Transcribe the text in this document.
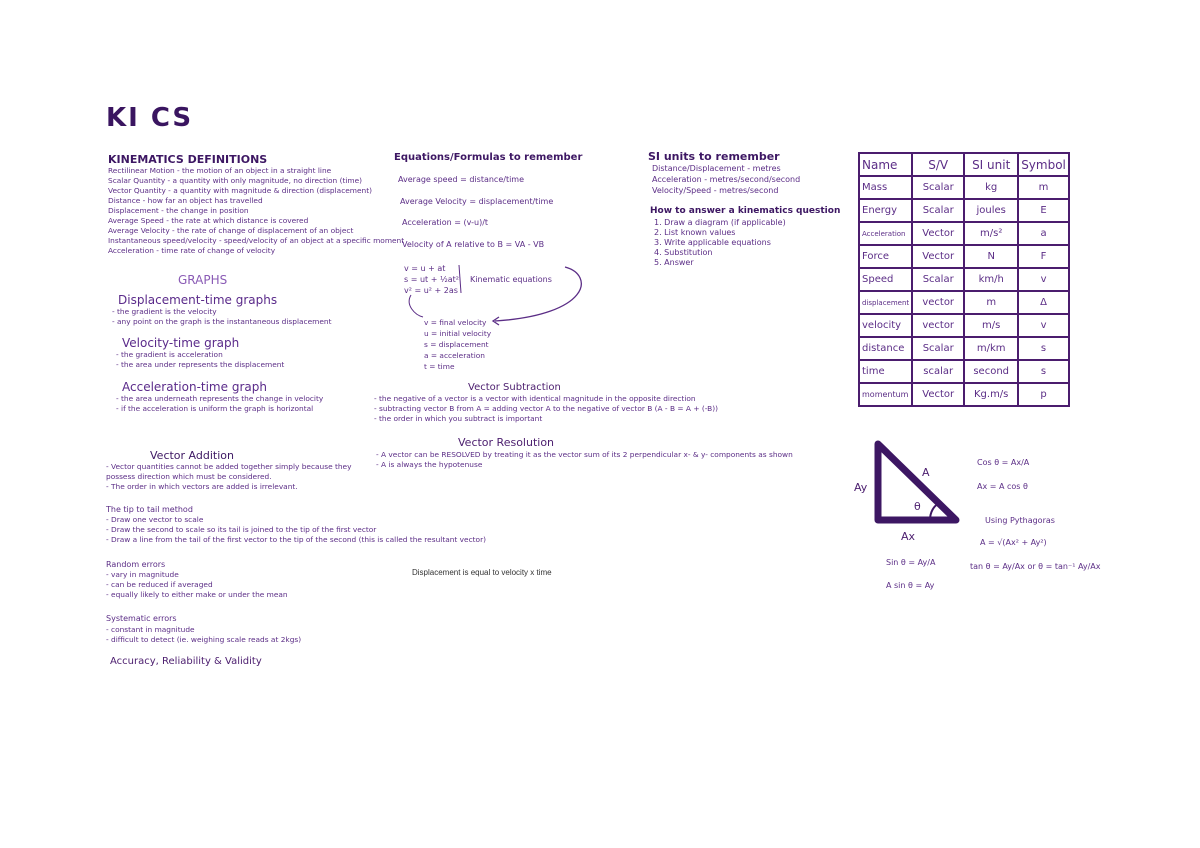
KI CS
KINEMATICS DEFINITIONS
Rectilinear Motion - the motion of an object in a straight line
Scalar Quantity - a quantity with only magnitude, no direction (time)
Vector Quantity - a quantity with magnitude & direction (displacement)
Distance - how far an object has travelled
Displacement - the change in position
Average Speed - the rate at which distance is covered
Average Velocity - the rate of change of displacement of an object
Instantaneous speed/velocity - speed/velocity of an object at a specific moment
Acceleration - time rate of change of velocity
GRAPHS
Displacement-time graphs
- the gradient is the velocity
- any point on the graph is the instantaneous displacement
Velocity-time graph
- the gradient is acceleration
- the area under represents the displacement
Acceleration-time graph
- the area underneath represents the change in velocity
- if the acceleration is uniform the graph is horizontal
Vector Addition
- Vector quantities cannot be added together simply because they
possess direction which must be considered.
- The order in which vectors are added is irrelevant.
The tip to tail method
- Draw one vector to scale
- Draw the second to scale so its tail is joined to the tip of the first vector
- Draw a line from the tail of the first vector to the tip of the second (this is called the resultant vector)
Random errors
- vary in magnitude
- can be reduced if averaged
- equally likely to either make or under the mean
Systematic errors
- constant in magnitude
- difficult to detect (ie. weighing scale reads at 2kgs)
Accuracy, Reliability & Validity
Equations/Formulas to remember
Average speed = distance/time
Average Velocity = displacement/time
Acceleration = (v-u)/t
Velocity of A relative to B = VA - VB
v = u + at
s = ut + ½at²
v² = u² + 2as
Kinematic equations
v = final velocity
u = initial velocity
s = displacement
a = acceleration
t = time
Vector Subtraction
- the negative of a vector is a vector with identical magnitude in the opposite direction
- subtracting vector B from A = adding vector A to the negative of vector B (A - B = A + (-B))
- the order in which you subtract is important
Vector Resolution
- A vector can be RESOLVED by treating it as the vector sum of its 2 perpendicular x- & y- components as shown
- A is always the hypotenuse
Displacement is equal to velocity x time
SI units to remember
Distance/Displacement - metres
Acceleration - metres/second/second
Velocity/Speed - metres/second
How to answer a kinematics question
1. Draw a diagram (if applicable)
2. List known values
3. Write applicable equations
4. Substitution
5. Answer
Name	S/V	SI unit	Symbol
Mass	Scalar	kg	m
Energy	Scalar	joules	E
Acceleration	Vector	m/s²	a
Force	Vector	N	F
Speed	Scalar	km/h	v
displacement	vector	m	Δ
velocity	vector	m/s	v
distance	Scalar	m/km	s
time	scalar	second	s
momentum	Vector	Kg.m/s	p
A
Ay
θ
Ax
Cos θ = Ax/A
Ax = A cos θ
Using Pythagoras
A = √(Ax² + Ay²)
tan θ = Ay/Ax or θ = tan⁻¹ Ay/Ax
Sin θ = Ay/A
A sin θ = Ay
